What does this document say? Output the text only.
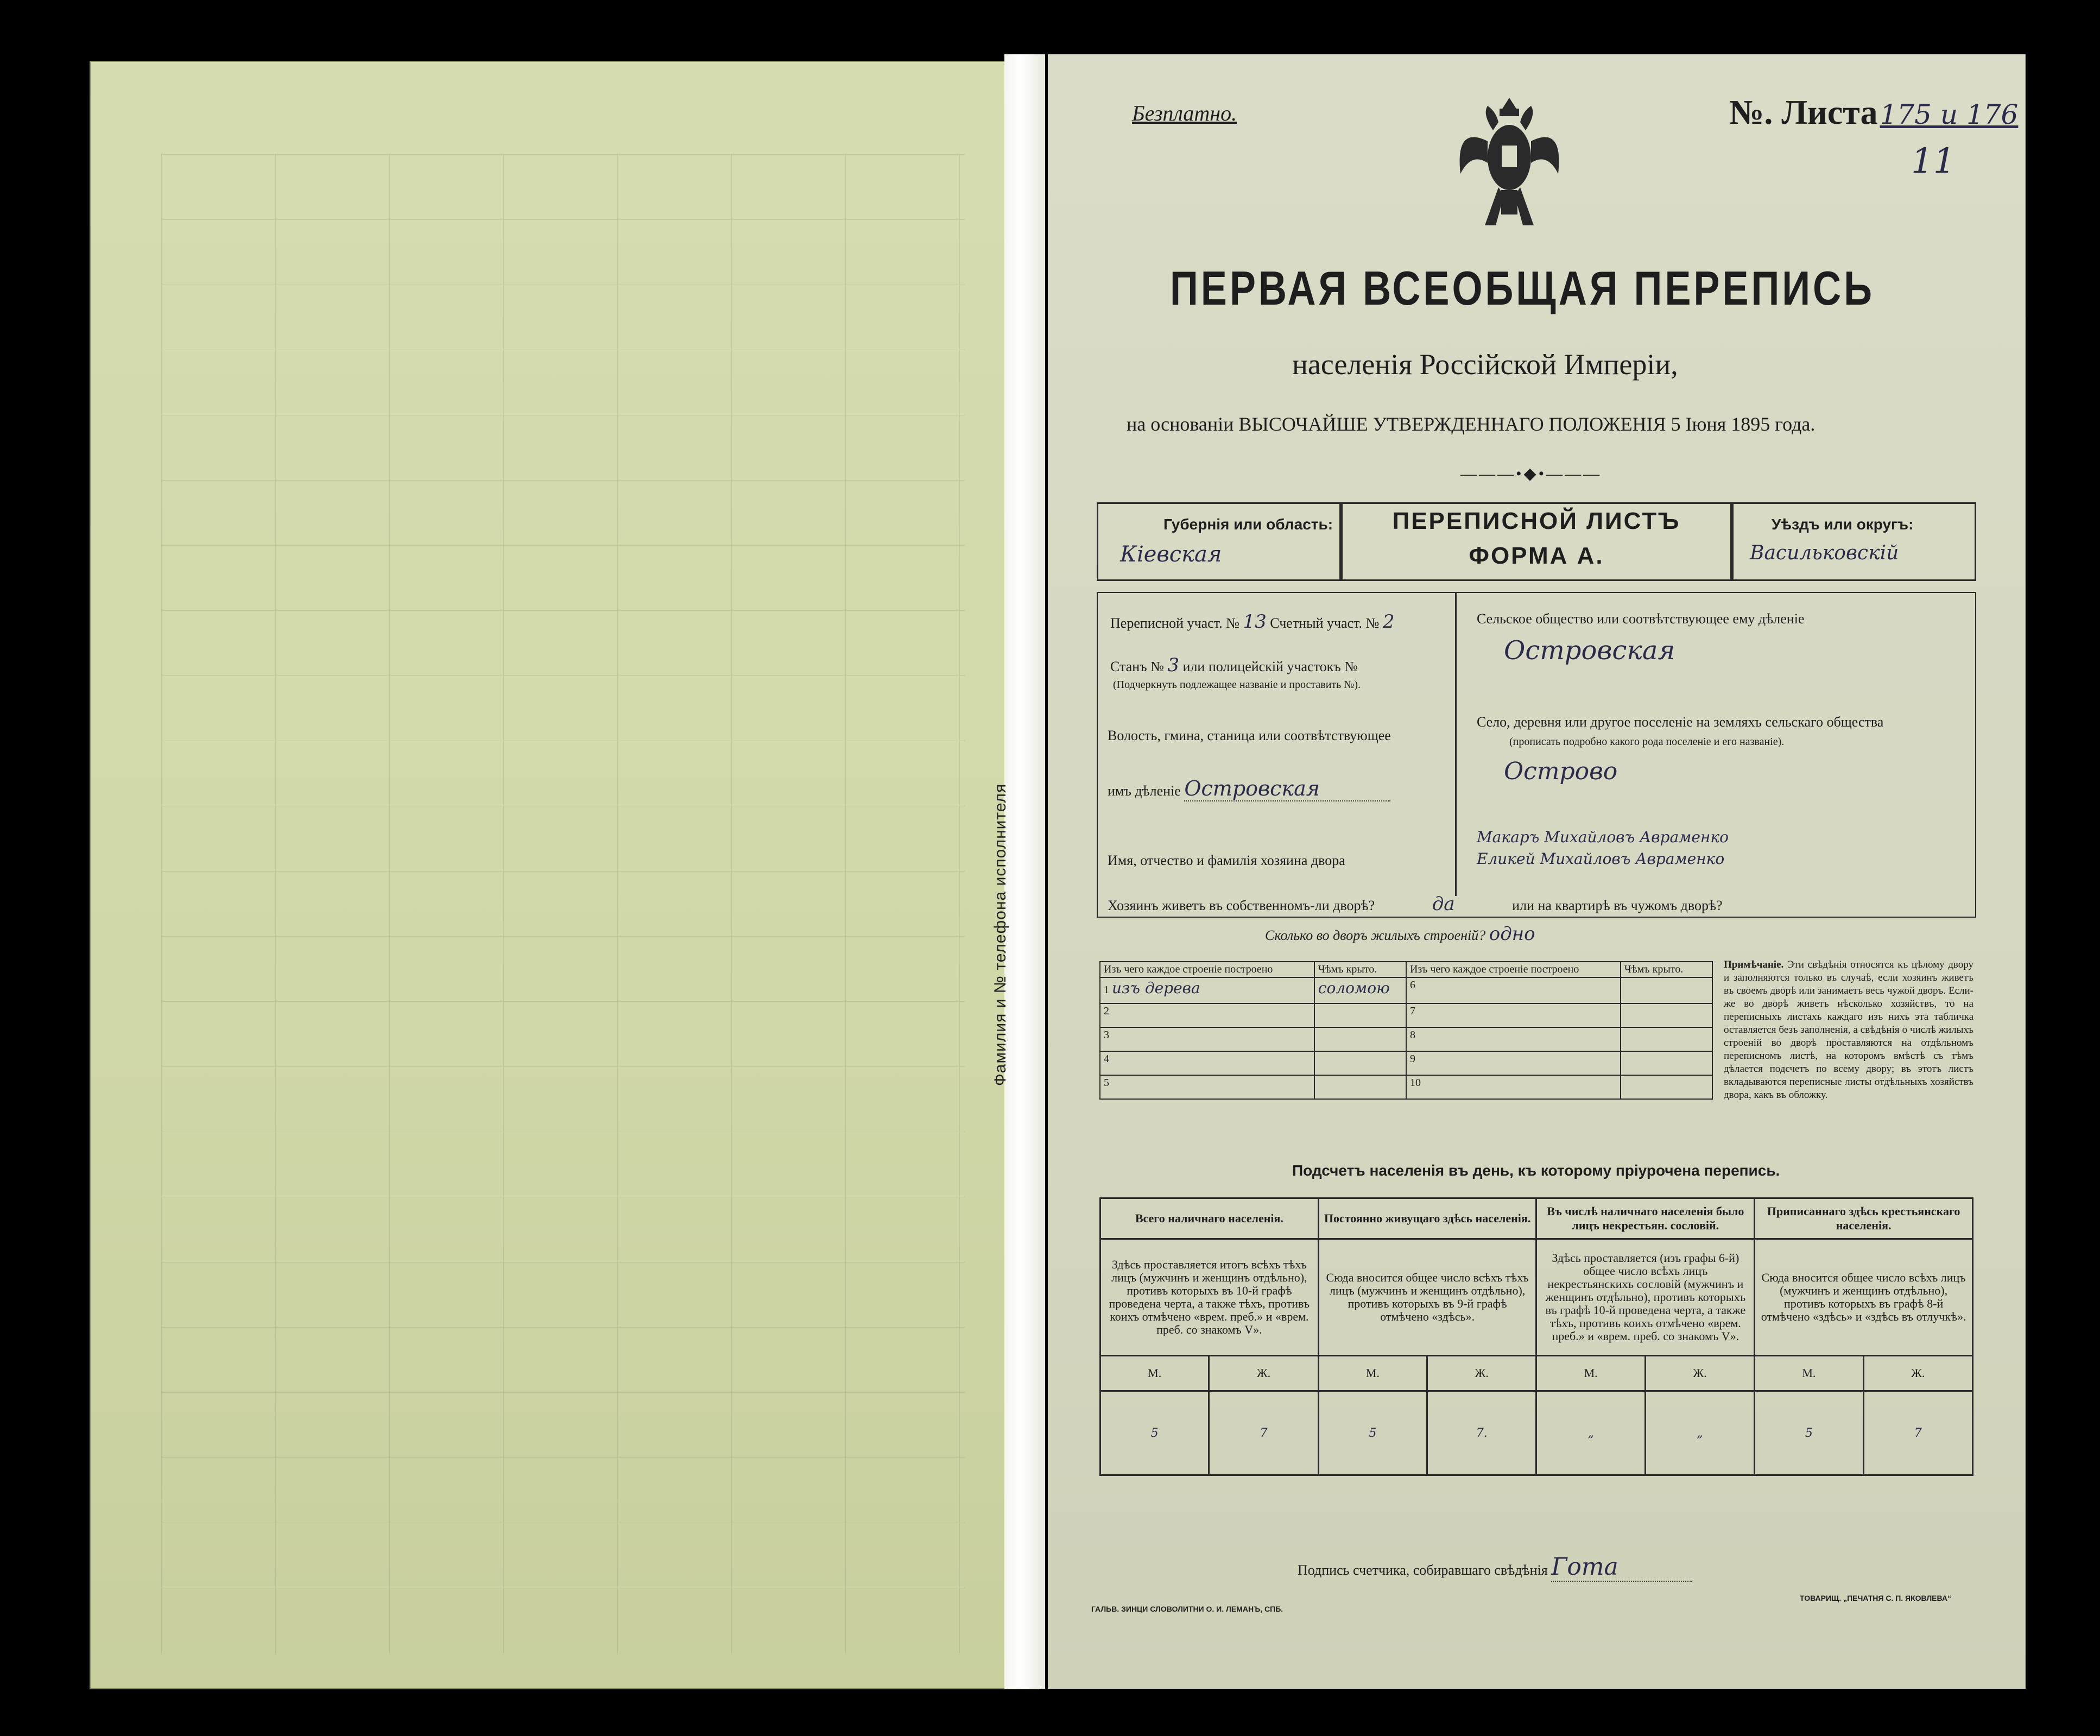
Фамилия и № телефона исполнителя
Безплатно.	№. Листа 175 и 176
11
ПЕРВАЯ ВСЕОБЩАЯ ПЕРЕПИСЬ
населенія Россійской Имперіи,
на основаніи ВЫСОЧАЙШЕ УТВЕРЖДЕННАГО ПОЛОЖЕНІЯ 5 Іюня 1895 года.
———•◆•———
Губернія или область:
Кіевская
ПЕРЕПИСНОЙ ЛИСТЪ
ФОРМА А.
Уѣздъ или округъ:
Васильковскій
Переписной участ. № 13 Счетный участ. № 2
Станъ № 3 или полицейскій участокъ №
(Подчеркнуть подлежащее названіе и проставить №).
Волость, гмина, станица или соотвѣтствующее
имъ дѣленіе Островская
Сельское общество или соотвѣтствующее ему дѣленіе
Островская
Село, деревня или другое поселеніе на земляхъ сельскаго общества
(прописать подробно какого рода поселеніе и его названіе).
Острово
Имя, отчество и фамилія хозяина двора
Макаръ Михайловъ Авраменко
Еликей Михайловъ Авраменко
Хозяинъ живетъ въ собственномъ-ли дворѣ?	да	или на квартирѣ въ чужомъ дворѣ?
Сколько во дворъ жилыхъ строеній? одно
Изъ чего каждое строеніе построено	Чѣмъ крыто.	Изъ чего каждое строеніе построено	Чѣмъ крыто.
1 изъ дерева	соломою	6	
2		7	
3		8	
4		9	
5		10	
Примѣчаніе. Эти свѣдѣнія относятся къ цѣлому двору и заполняются только въ случаѣ, если хозяинъ живетъ въ своемъ дворѣ или занимаетъ весь чужой дворъ. Если-же во дворѣ живетъ нѣсколько хозяйствъ, то на переписныхъ листахъ каждаго изъ нихъ эта табличка оставляется безъ заполненія, а свѣдѣнія о числѣ жилыхъ строеній во дворѣ проставляются на отдѣльномъ переписномъ листѣ, на которомъ вмѣстѣ съ тѣмъ дѣлается подсчетъ по всему двору; въ этотъ листъ вкладываются переписные листы отдѣльныхъ хозяйствъ двора, какъ въ обложку.
Подсчетъ населенія въ день, къ которому пріурочена перепись.
Всего наличнаго населенія.		Постоянно живущаго здѣсь населенія.		Въ числѣ наличнаго населенія было лицъ некрестьян. сословій.		Приписаннаго здѣсь крестьянскаго населенія.	
Здѣсь проставляется итогъ всѣхъ тѣхъ лицъ (мужчинъ и женщинъ отдѣльно), противъ которыхъ въ 10-й графѣ проведена черта, а также тѣхъ, противъ коихъ отмѣчено «врем. преб.» и «врем. преб. со знакомъ V».		Сюда вносится общее число всѣхъ тѣхъ лицъ (мужчинъ и женщинъ отдѣльно), противъ которыхъ въ 9-й графѣ отмѣчено «здѣсь».		Здѣсь проставляется (изъ графы 6-й) общее число всѣхъ лицъ некрестьянскихъ сословій (мужчинъ и женщинъ отдѣльно), противъ которыхъ въ графѣ 10-й проведена черта, а также тѣхъ, противъ коихъ отмѣчено «врем. преб.» и «врем. преб. со знакомъ V».		Сюда вносится общее число всѣхъ лицъ (мужчинъ и женщинъ отдѣльно), противъ которыхъ въ графѣ 8-й отмѣчено «здѣсь» и «здѣсь въ отлучкѣ».	
М.	Ж.	М.	Ж.	М.	Ж.	М.	Ж.
5	7	5	7.	„	„	5	7
Подпись счетчика, собиравшаго свѣдѣнія Гота
ГАЛЬВ. ЗИНЦИ СЛОВОЛИТНИ О. И. ЛЕМАНЪ, СПБ.
ТОВАРИЩ. „ПЕЧАТНЯ С. П. ЯКОВЛЕВА“
